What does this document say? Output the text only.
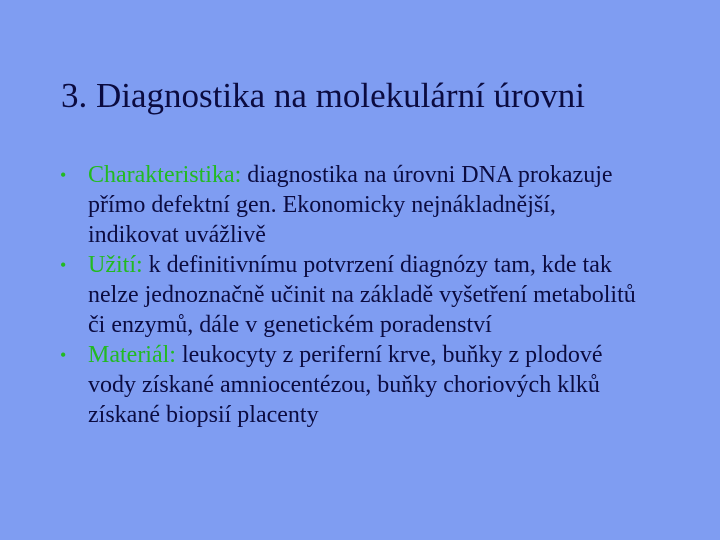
3. Diagnostika na molekulární úrovni
• Charakteristika: diagnostika na úrovni DNA prokazuje přímo defektní gen. Ekonomicky nejnákladnější, indikovat uvážlivě
• Užití: k definitivnímu potvrzení diagnózy tam, kde tak nelze jednoznačně učinit na základě vyšetření metabolitů či enzymů, dále v genetickém poradenství
• Materiál: leukocyty z periferní krve, buňky z plodové vody získané amniocentézou, buňky choriových klků získané biopsií placenty
